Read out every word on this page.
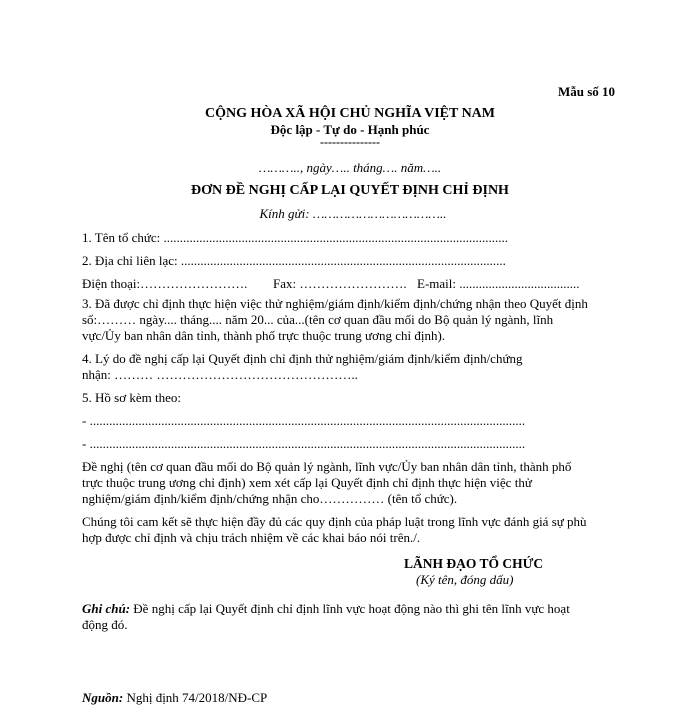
Mẫu số 10
CỘNG HÒA XÃ HỘI CHỦ NGHĨA VIỆT NAM
Độc lập - Tự do - Hạnh phúc
---------------
……….., ngày….. tháng…. năm…..
ĐƠN ĐỀ NGHỊ CẤP LẠI QUYẾT ĐỊNH CHỈ ĐỊNH
Kính gửi: ……………………………..
1. Tên tổ chức: ..........................................................................................................
2. Địa chỉ liên lạc: ....................................................................................................
Điện thoại:……………………. Fax: ……………………. E-mail: .....................................
3. Đã được chỉ định thực hiện việc thử nghiệm/giám định/kiểm định/chứng nhận theo Quyết định
số:……… ngày.... tháng.... năm 20... của...(tên cơ quan đầu mối do Bộ quản lý ngành, lĩnh
vực/Ủy ban nhân dân tỉnh, thành phố trực thuộc trung ương chỉ định).
4. Lý do đề nghị cấp lại Quyết định chỉ định thử nghiệm/giám định/kiểm định/chứng
nhận: ……… ………………………………………..
5. Hồ sơ kèm theo:
- ......................................................................................................................................
- ......................................................................................................................................
Đề nghị (tên cơ quan đầu mối do Bộ quản lý ngành, lĩnh vực/Ủy ban nhân dân tỉnh, thành phố
trực thuộc trung ương chỉ định) xem xét cấp lại Quyết định chỉ định thực hiện việc thử
nghiệm/giám định/kiểm định/chứng nhận cho…………… (tên tổ chức).
Chúng tôi cam kết sẽ thực hiện đầy đủ các quy định của pháp luật trong lĩnh vực đánh giá sự phù
hợp được chỉ định và chịu trách nhiệm về các khai báo nói trên./.
LÃNH ĐẠO TỔ CHỨC
(Ký tên, đóng dấu)
Ghi chú: Đề nghị cấp lại Quyết định chỉ định lĩnh vực hoạt động nào thì ghi tên lĩnh vực hoạt
động đó.
Nguồn: Nghị định 74/2018/NĐ-CP
